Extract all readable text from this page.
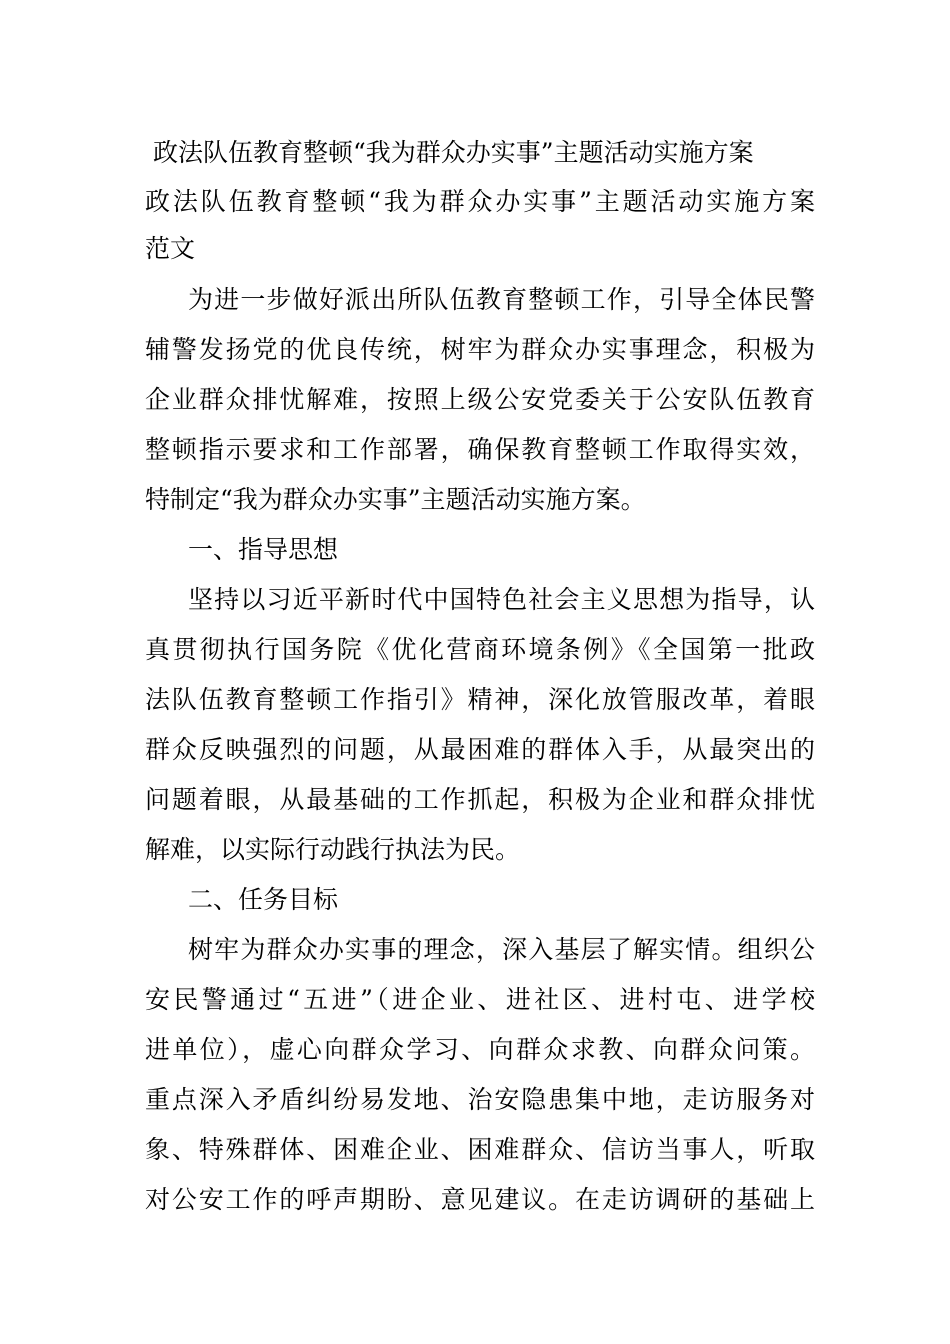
政法队伍教育整顿“我为群众办实事”主题活动实施方案
政法队伍教育整顿“我为群众办实事”主题活动实施方案
范文
为进一步做好派出所队伍教育整顿工作，引导全体民警
辅警发扬党的优良传统，树牢为群众办实事理念，积极为
企业群众排忧解难，按照上级公安党委关于公安队伍教育
整顿指示要求和工作部署，确保教育整顿工作取得实效，
特制定“我为群众办实事”主题活动实施方案。
一、指导思想
坚持以习近平新时代中国特色社会主义思想为指导，认
真贯彻执行国务院《优化营商环境条例》《全国第一批政
法队伍教育整顿工作指引》精神，深化放管服改革，着眼
群众反映强烈的问题，从最困难的群体入手，从最突出的
问题着眼，从最基础的工作抓起，积极为企业和群众排忧
解难，以实际行动践行执法为民。
二、任务目标
树牢为群众办实事的理念，深入基层了解实情。组织公
安民警通过“五进”（进企业、进社区、进村屯、进学校
进单位），虚心向群众学习、向群众求教、向群众问策。
重点深入矛盾纠纷易发地、治安隐患集中地，走访服务对
象、特殊群体、困难企业、困难群众、信访当事人，听取
对公安工作的呼声期盼、意见建议。在走访调研的基础上
